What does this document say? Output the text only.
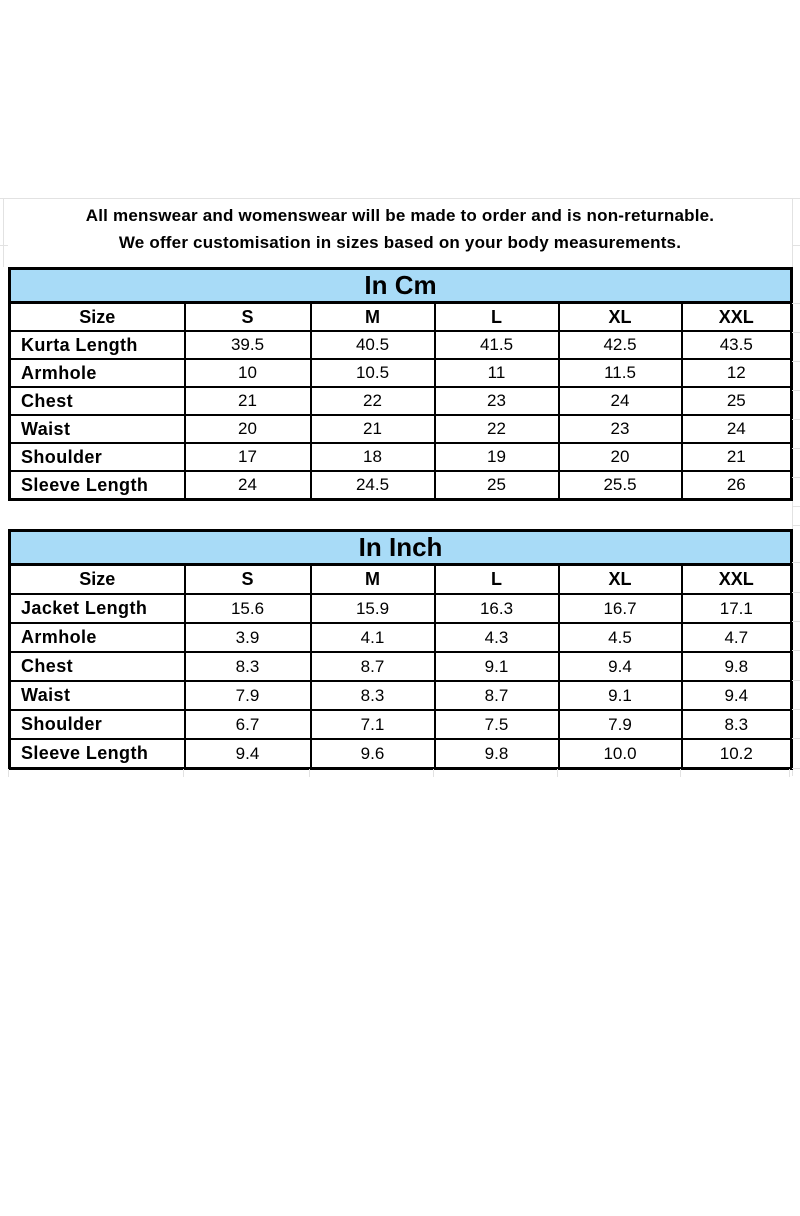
All menswear and womenswear will be made to order and is non-returnable.
We offer customisation in sizes based on your body measurements.
In Cm					
Size	S	M	L	XL	XXL
Kurta Length	39.5	40.5	41.5	42.5	43.5
Armhole	10	10.5	11	11.5	12
Chest	21	22	23	24	25
Waist	20	21	22	23	24
Shoulder	17	18	19	20	21
Sleeve Length	24	24.5	25	25.5	26
In Inch					
Size	S	M	L	XL	XXL
Jacket Length	15.6	15.9	16.3	16.7	17.1
Armhole	3.9	4.1	4.3	4.5	4.7
Chest	8.3	8.7	9.1	9.4	9.8
Waist	7.9	8.3	8.7	9.1	9.4
Shoulder	6.7	7.1	7.5	7.9	8.3
Sleeve Length	9.4	9.6	9.8	10.0	10.2
